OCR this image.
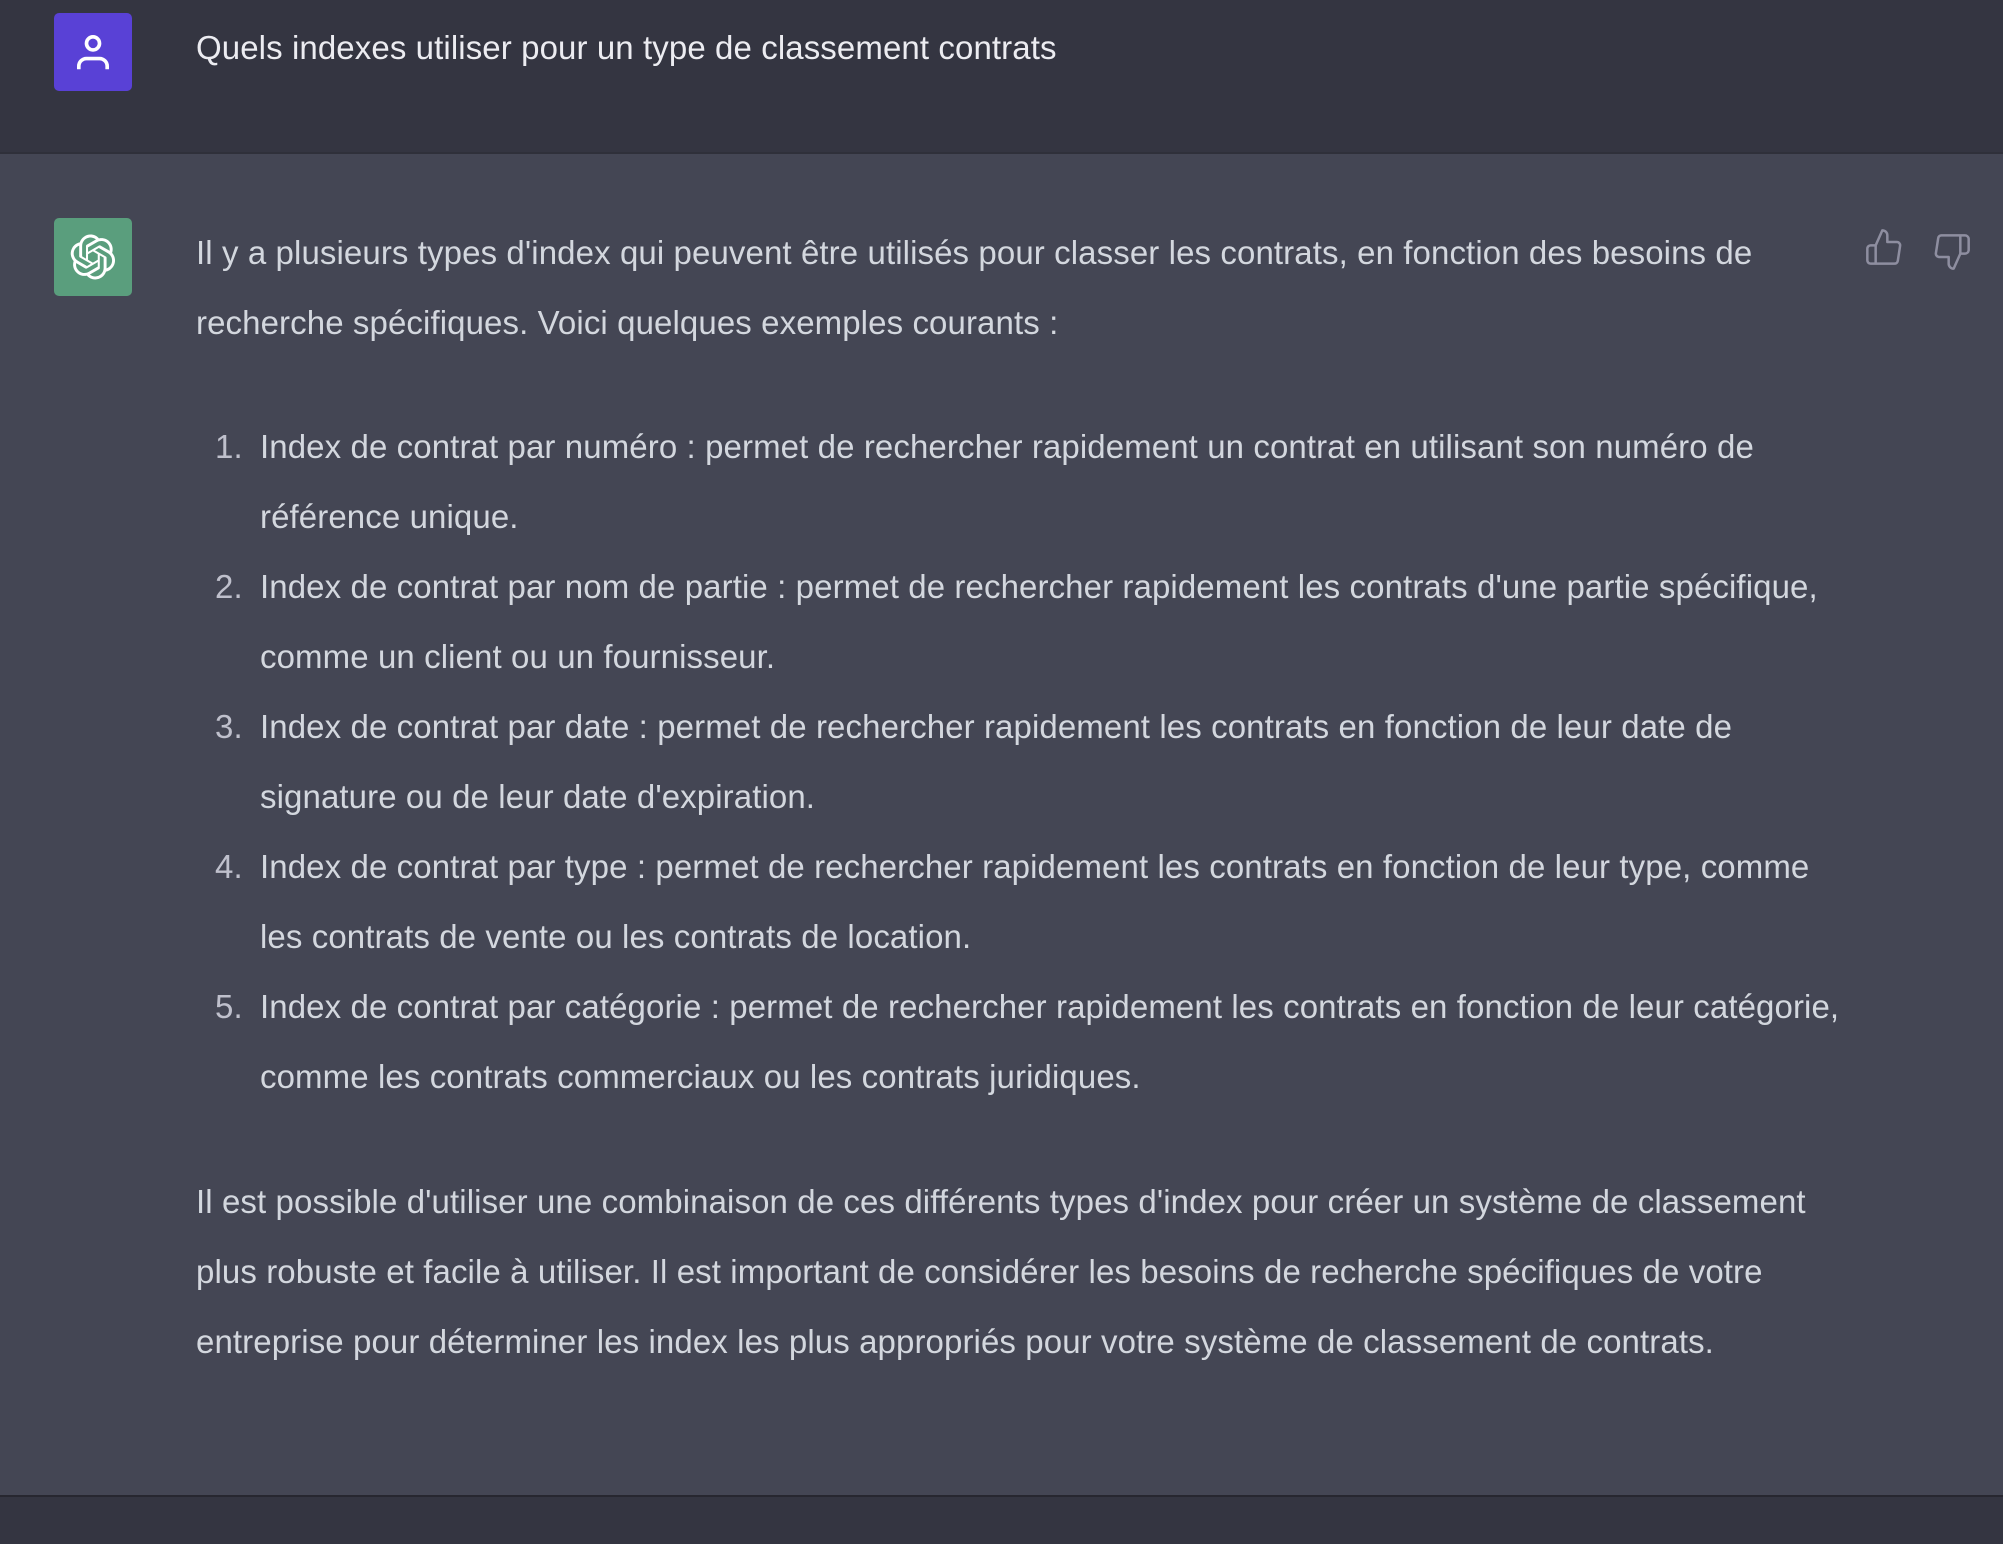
Quels indexes utiliser pour un type de classement contrats

Il y a plusieurs types d'index qui peuvent être utilisés pour classer les contrats, en fonction des besoins de recherche spécifiques. Voici quelques exemples courants :

1. Index de contrat par numéro : permet de rechercher rapidement un contrat en utilisant son numéro de référence unique.
2. Index de contrat par nom de partie : permet de rechercher rapidement les contrats d'une partie spécifique, comme un client ou un fournisseur.
3. Index de contrat par date : permet de rechercher rapidement les contrats en fonction de leur date de signature ou de leur date d'expiration.
4. Index de contrat par type : permet de rechercher rapidement les contrats en fonction de leur type, comme les contrats de vente ou les contrats de location.
5. Index de contrat par catégorie : permet de rechercher rapidement les contrats en fonction de leur catégorie, comme les contrats commerciaux ou les contrats juridiques.

Il est possible d'utiliser une combinaison de ces différents types d'index pour créer un système de classement plus robuste et facile à utiliser. Il est important de considérer les besoins de recherche spécifiques de votre entreprise pour déterminer les index les plus appropriés pour votre système de classement de contrats.
